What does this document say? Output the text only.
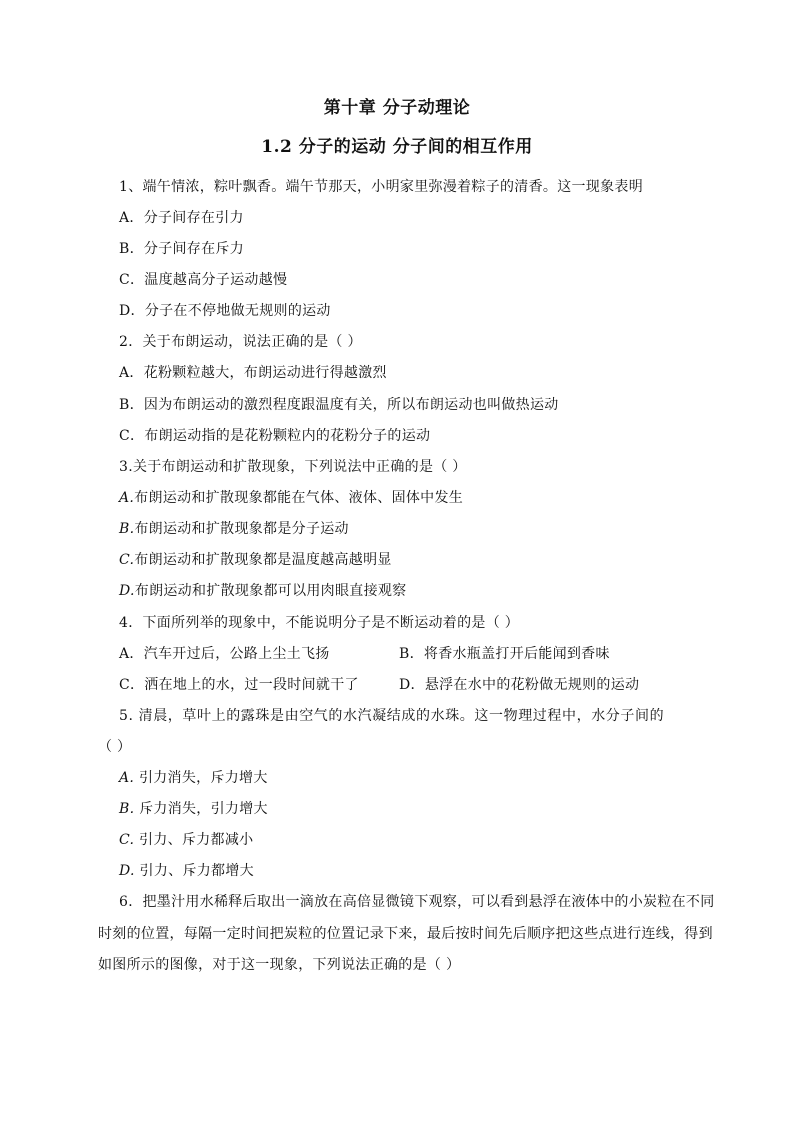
第十章 分子动理论
1.2 分子的运动 分子间的相互作用
1、端午情浓，粽叶飘香。端午节那天，小明家里弥漫着粽子的清香。这一现象表明
A．分子间存在引力
B．分子间存在斥力
C．温度越高分子运动越慢
D．分子在不停地做无规则的运动
2．关于布朗运动，说法正确的是（ ）
A．花粉颗粒越大，布朗运动进行得越激烈
B．因为布朗运动的激烈程度跟温度有关，所以布朗运动也叫做热运动
C．布朗运动指的是花粉颗粒内的花粉分子的运动
3.关于布朗运动和扩散现象，下列说法中正确的是（ ）
A.布朗运动和扩散现象都能在气体、液体、固体中发生
B.布朗运动和扩散现象都是分子运动
C.布朗运动和扩散现象都是温度越高越明显
D.布朗运动和扩散现象都可以用肉眼直接观察
4．下面所列举的现象中，不能说明分子是不断运动着的是（ ）
A．汽车开过后，公路上尘土飞扬	B．将香水瓶盖打开后能闻到香味
C．洒在地上的水，过一段时间就干了	D．悬浮在水中的花粉做无规则的运动
5. 清晨，草叶上的露珠是由空气的水汽凝结成的水珠。这一物理过程中，水分子间的
（ ）
A. 引力消失，斥力增大
B. 斥力消失，引力增大
C. 引力、斥力都减小
D. 引力、斥力都增大
6．把墨汁用水稀释后取出一滴放在高倍显微镜下观察，可以看到悬浮在液体中的小炭粒在不同
时刻的位置，每隔一定时间把炭粒的位置记录下来，最后按时间先后顺序把这些点进行连线，得到
如图所示的图像，对于这一现象，下列说法正确的是（ ）
